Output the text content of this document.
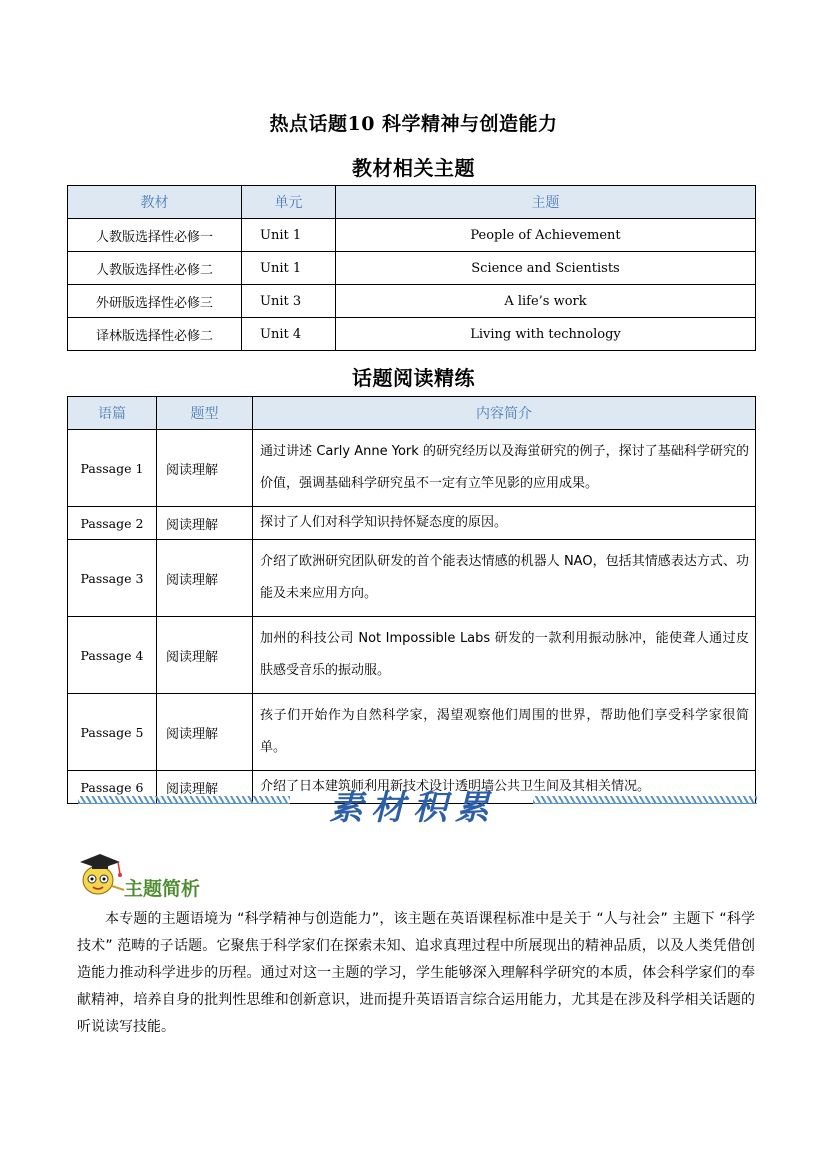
热点话题10 科学精神与创造能力
教材相关主题
教材	单元	主题
人教版选择性必修一	Unit 1	People of Achievement
人教版选择性必修二	Unit 1	Science and Scientists
外研版选择性必修三	Unit 3	A life’s work
译林版选择性必修二	Unit 4	Living with technology
话题阅读精练
语篇	题型	内容简介
Passage 1	阅读理解	通过讲述 Carly Anne York 的研究经历以及海蛍研究的例子，探讨了基础科学研究的价值，强调基础科学研究虽不一定有立竿见影的应用成果。
Passage 2	阅读理解	探讨了人们对科学知识持怀疑态度的原因。
Passage 3	阅读理解	介绍了欧洲研究团队研发的首个能表达情感的机器人 NAO，包括其情感表达方式、功能及未来应用方向。
Passage 4	阅读理解	加州的科技公司 Not Impossible Labs 研发的一款利用振动脉冲，能使聋人通过皮肤感受音乐的振动服。
Passage 5	阅读理解	孩子们开始作为自然科学家，渴望观察他们周围的世界，帮助他们享受科学家很简单。
Passage 6	阅读理解	介绍了日本建筑师利用新技术设计透明墙公共卫生间及其相关情况。
素材积累
主题简析
本专题的主题语境为 “科学精神与创造能力”，该主题在英语课程标准中是关于 “人与社会” 主题下 “科学技术” 范畴的子话题。它聚焦于科学家们在探索未知、追求真理过程中所展现出的精神品质，以及人类凭借创造能力推动科学进步的历程。通过对这一主题的学习，学生能够深入理解科学研究的本质，体会科学家们的奉献精神，培养自身的批判性思维和创新意识，进而提升英语语言综合运用能力，尤其是在涉及科学相关话题的听说读写技能。
